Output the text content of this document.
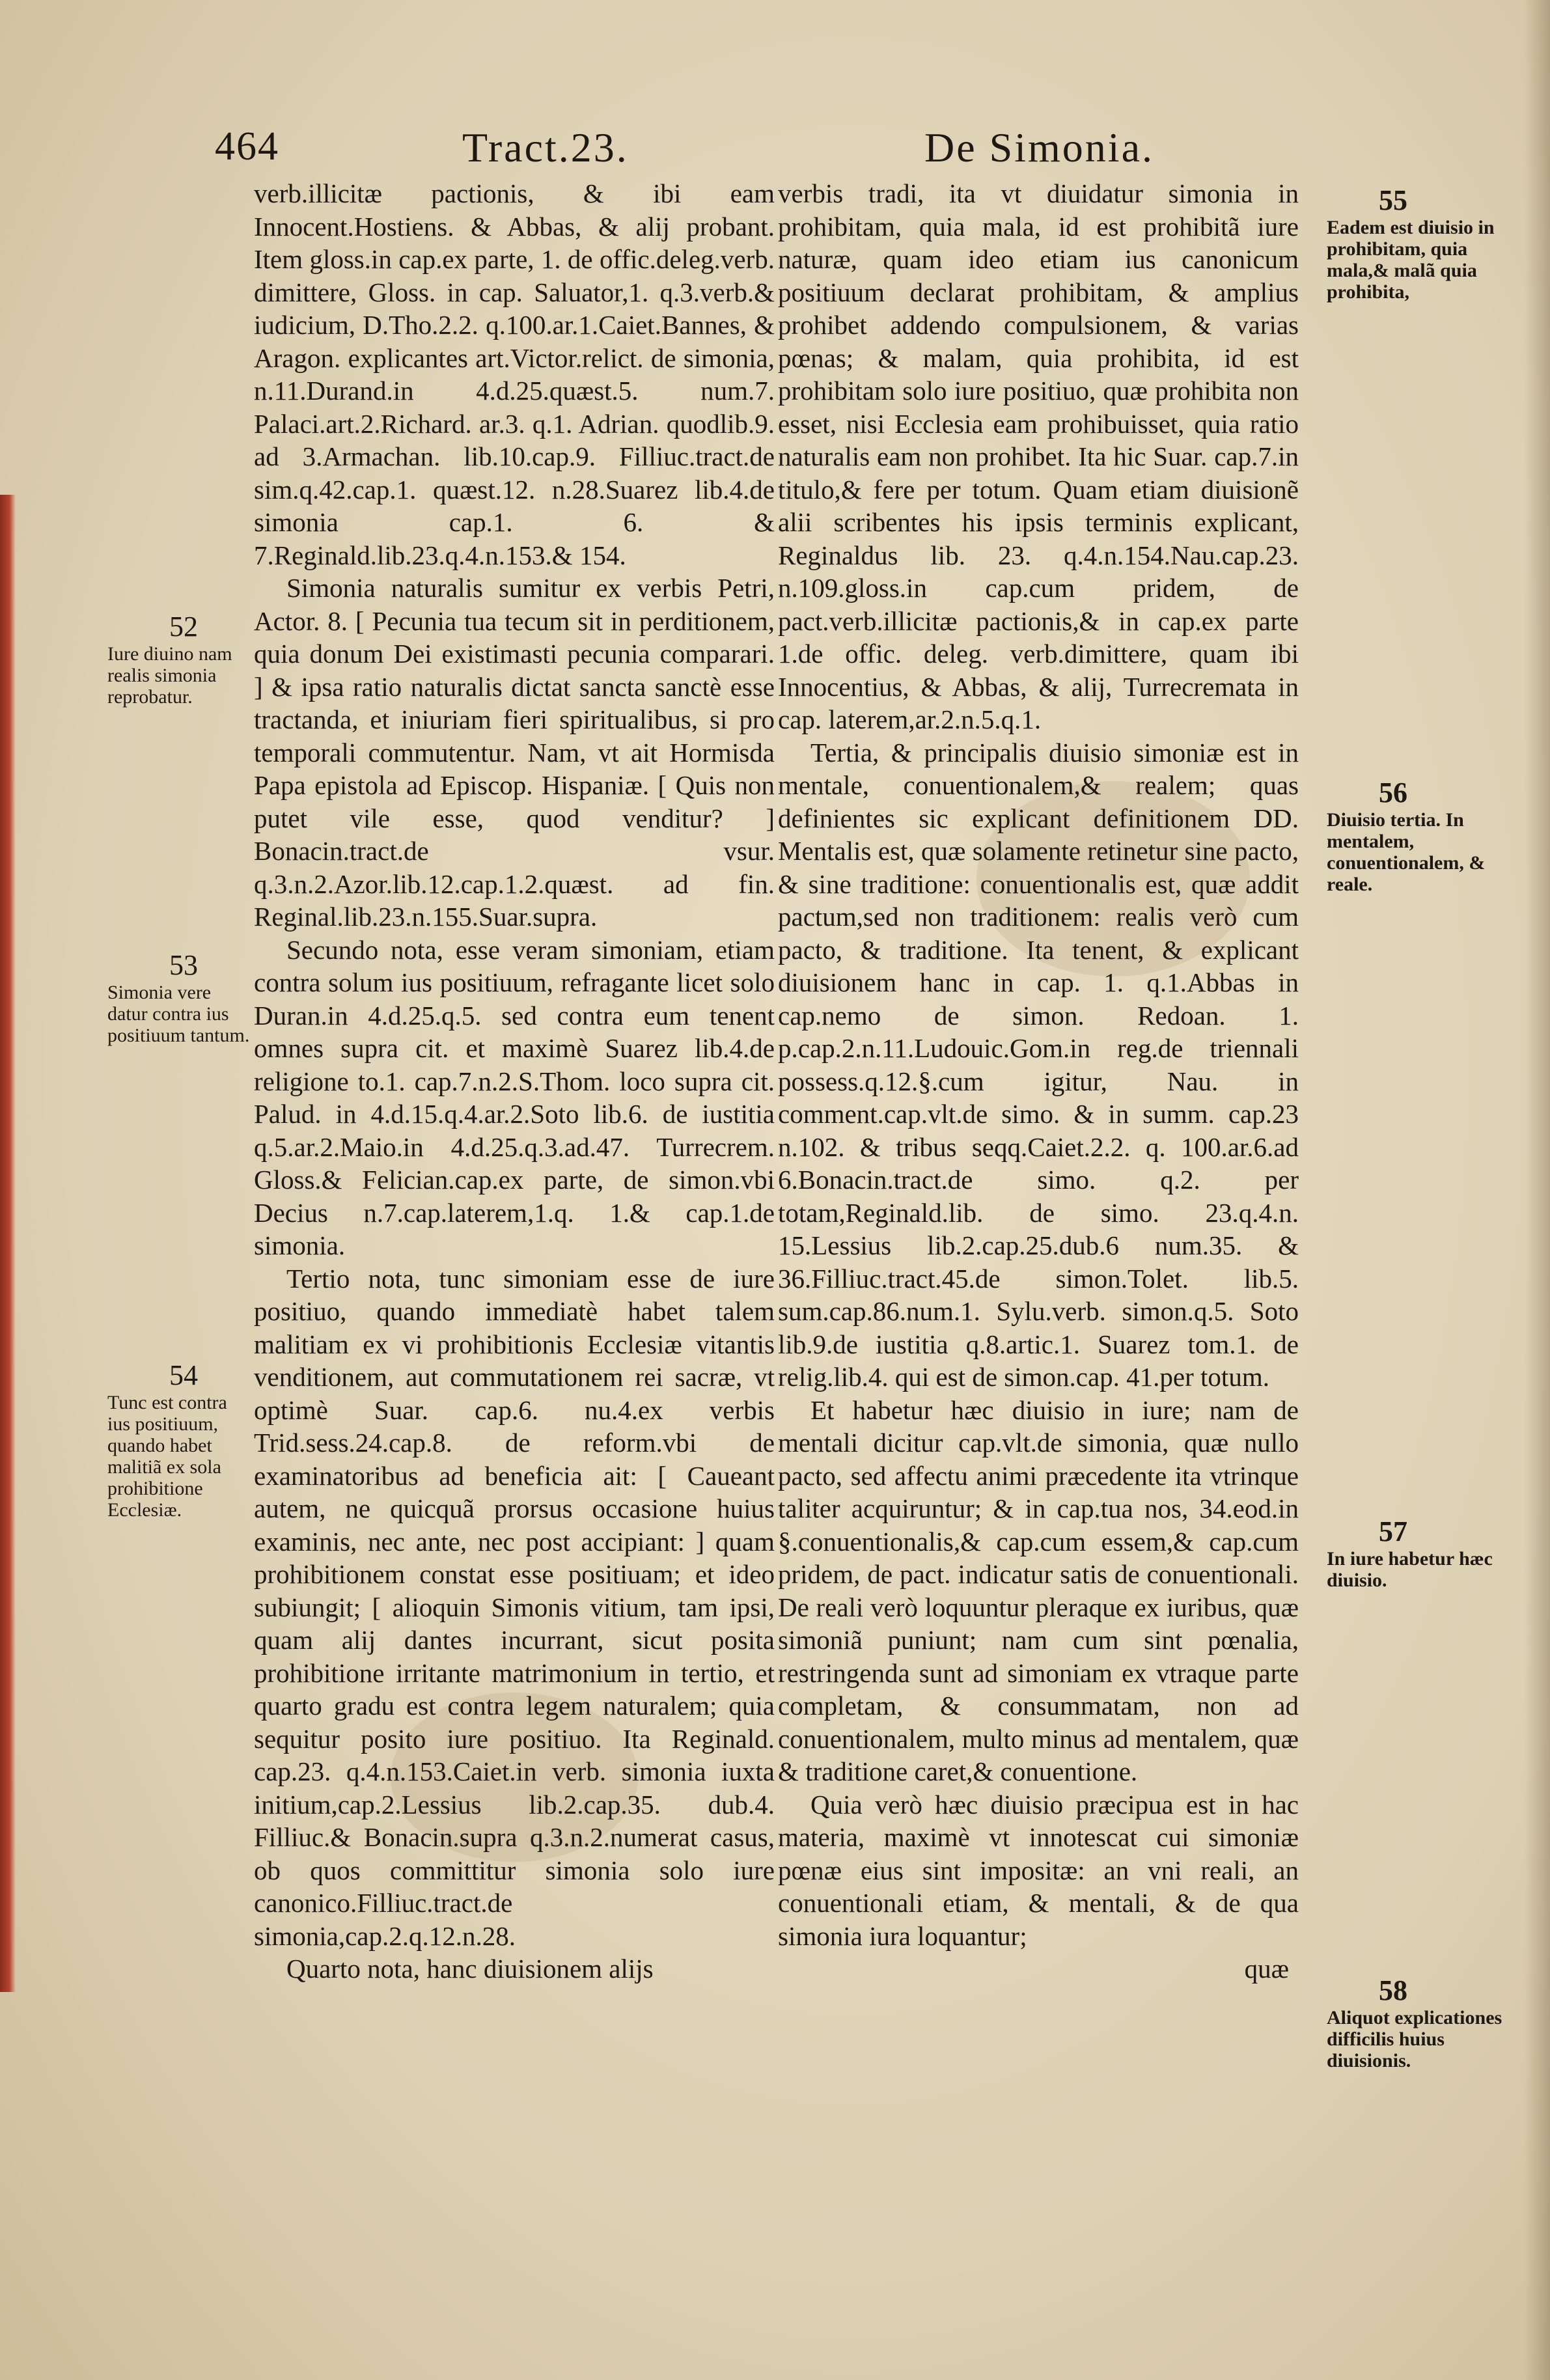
464	Tract.23.	De Simonia.

verb.illicitæ pactionis, & ibi eam Innocent.Hostiens. & Abbas, & alij probant. Item gloss.in cap.ex parte, 1. de offic.deleg.verb. dimittere, Gloss. in cap. Saluator,1. q.3.verb.& iudicium, D.Tho.2.2. q.100.ar.1.Caiet.Bannes, & Aragon. explicantes art.Victor.relict. de simonia, n.11.Durand.in 4.d.25.quæst.5. num.7. Palaci.art.2.Richard. ar.3. q.1. Adrian. quodlib.9. ad 3.Armachan. lib.10.cap.9. Filliuc.tract.de sim.q.42.cap.1. quæst.12. n.28.Suarez lib.4.de simonia cap.1. 6. & 7.Reginald.lib.23.q.4.n.153.& 154.

Simonia naturalis sumitur ex verbis Petri, Actor. 8. [ Pecunia tua tecum sit in perditionem, quia donum Dei existimasti pecunia comparari. ] & ipsa ratio naturalis dictat sancta sanctè esse tractanda, et iniuriam fieri spiritualibus, si pro temporali commutentur. Nam, vt ait Hormisda Papa epistola ad Episcop. Hispaniæ. [ Quis non putet vile esse, quod venditur? ] Bonacin.tract.de vsur. q.3.n.2.Azor.lib.12.cap.1.2.quæst. ad fin. Reginal.lib.23.n.155.Suar.supra.

Secundo nota, esse veram simoniam, etiam contra solum ius positiuum, refragante licet solo Duran.in 4.d.25.q.5. sed contra eum tenent omnes supra cit. et maximè Suarez lib.4.de religione to.1. cap.7.n.2.S.Thom. loco supra cit. Palud. in 4.d.15.q.4.ar.2.Soto lib.6. de iustitia q.5.ar.2.Maio.in 4.d.25.q.3.ad.47. Turrecrem. Gloss.& Felician.cap.ex parte, de simon.vbi Decius n.7.cap.laterem,1.q. 1.& cap.1.de simonia.

Tertio nota, tunc simoniam esse de iure positiuo, quando immediatè habet talem malitiam ex vi prohibitionis Ecclesiæ vitantis venditionem, aut commutationem rei sacræ, vt optimè Suar. cap.6. nu.4.ex verbis Trid.sess.24.cap.8. de reform.vbi de examinatoribus ad beneficia ait: [ Caueant autem, ne quicquã prorsus occasione huius examinis, nec ante, nec post accipiant: ] quam prohibitionem constat esse positiuam; et ideo subiungit; [ alioquin Simonis vitium, tam ipsi, quam alij dantes incurrant, sicut posita prohibitione irritante matrimonium in tertio, et quarto gradu est contra legem naturalem; quia sequitur posito iure positiuo. Ita Reginald. cap.23. q.4.n.153.Caiet.in verb. simonia iuxta initium,cap.2.Lessius lib.2.cap.35. dub.4. Filliuc.& Bonacin.supra q.3.n.2.numerat casus, ob quos committitur simonia solo iure canonico.Filliuc.tract.de simonia,cap.2.q.12.n.28.

Quarto nota, hanc diuisionem alijs

verbis tradi, ita vt diuidatur simonia in prohibitam, quia mala, id est prohibitã iure naturæ, quam ideo etiam ius canonicum positiuum declarat prohibitam, & amplius prohibet addendo compulsionem, & varias pœnas; & malam, quia prohibita, id est prohibitam solo iure positiuo, quæ prohibita non esset, nisi Ecclesia eam prohibuisset, quia ratio naturalis eam non prohibet. Ita hic Suar. cap.7.in titulo,& fere per totum. Quam etiam diuisionẽ alii scribentes his ipsis terminis explicant, Reginaldus lib. 23. q.4.n.154.Nau.cap.23. n.109.gloss.in cap.cum pridem, de pact.verb.illicitæ pactionis,& in cap.ex parte 1.de offic. deleg. verb.dimittere, quam ibi Innocentius, & Abbas, & alij, Turrecremata in cap. laterem,ar.2.n.5.q.1.

Tertia, & principalis diuisio simoniæ est in mentale, conuentionalem,& realem; quas definientes sic explicant definitionem DD. Mentalis est, quæ solamente retinetur sine pacto, & sine traditione: conuentionalis est, quæ addit pactum,sed non traditionem: realis verò cum pacto, & traditione. Ita tenent, & explicant diuisionem hanc in cap. 1. q.1.Abbas in cap.nemo de simon. Redoan. 1. p.cap.2.n.11.Ludouic.Gom.in reg.de triennali possess.q.12.§.cum igitur, Nau. in comment.cap.vlt.de simo. & in summ. cap.23 n.102. & tribus seqq.Caiet.2.2. q. 100.ar.6.ad 6.Bonacin.tract.de simo. q.2. per totam,Reginald.lib. de simo. 23.q.4.n. 15.Lessius lib.2.cap.25.dub.6 num.35. & 36.Filliuc.tract.45.de simon.Tolet. lib.5. sum.cap.86.num.1. Sylu.verb. simon.q.5. Soto lib.9.de iustitia q.8.artic.1. Suarez tom.1. de relig.lib.4. qui est de simon.cap. 41.per totum.

Et habetur hæc diuisio in iure; nam de mentali dicitur cap.vlt.de simonia, quæ nullo pacto, sed affectu animi præcedente ita vtrinque taliter acquiruntur; & in cap.tua nos, 34.eod.in §.conuentionalis,& cap.cum essem,& cap.cum pridem, de pact. indicatur satis de conuentionali. De reali verò loquuntur pleraque ex iuribus, quæ simoniã puniunt; nam cum sint pœnalia, restringenda sunt ad simoniam ex vtraque parte completam, & consummatam, non ad conuentionalem, multo minus ad mentalem, quæ & traditione caret,& conuentione.

Quia verò hæc diuisio præcipua est in hac materia, maximè vt innotescat cui simoniæ pœnæ eius sint impositæ: an vni reali, an conuentionali etiam, & mentali, & de qua simonia iura loquantur;

quæ

52
Iure diuino nam realis simonia reprobatur.
53
Simonia vere datur contra ius positiuum tantum.
54
Tunc est contra ius positiuum, quando habet malitiã ex sola prohibitione Ecclesiæ.
55
Eadem est diuisio in prohibitam, quia mala,& malã quia prohibita,
56
Diuisio tertia. In mentalem, conuentionalem, & reale.
57
In iure habetur hæc diuisio.
58
Aliquot explicationes difficilis huius diuisionis.
